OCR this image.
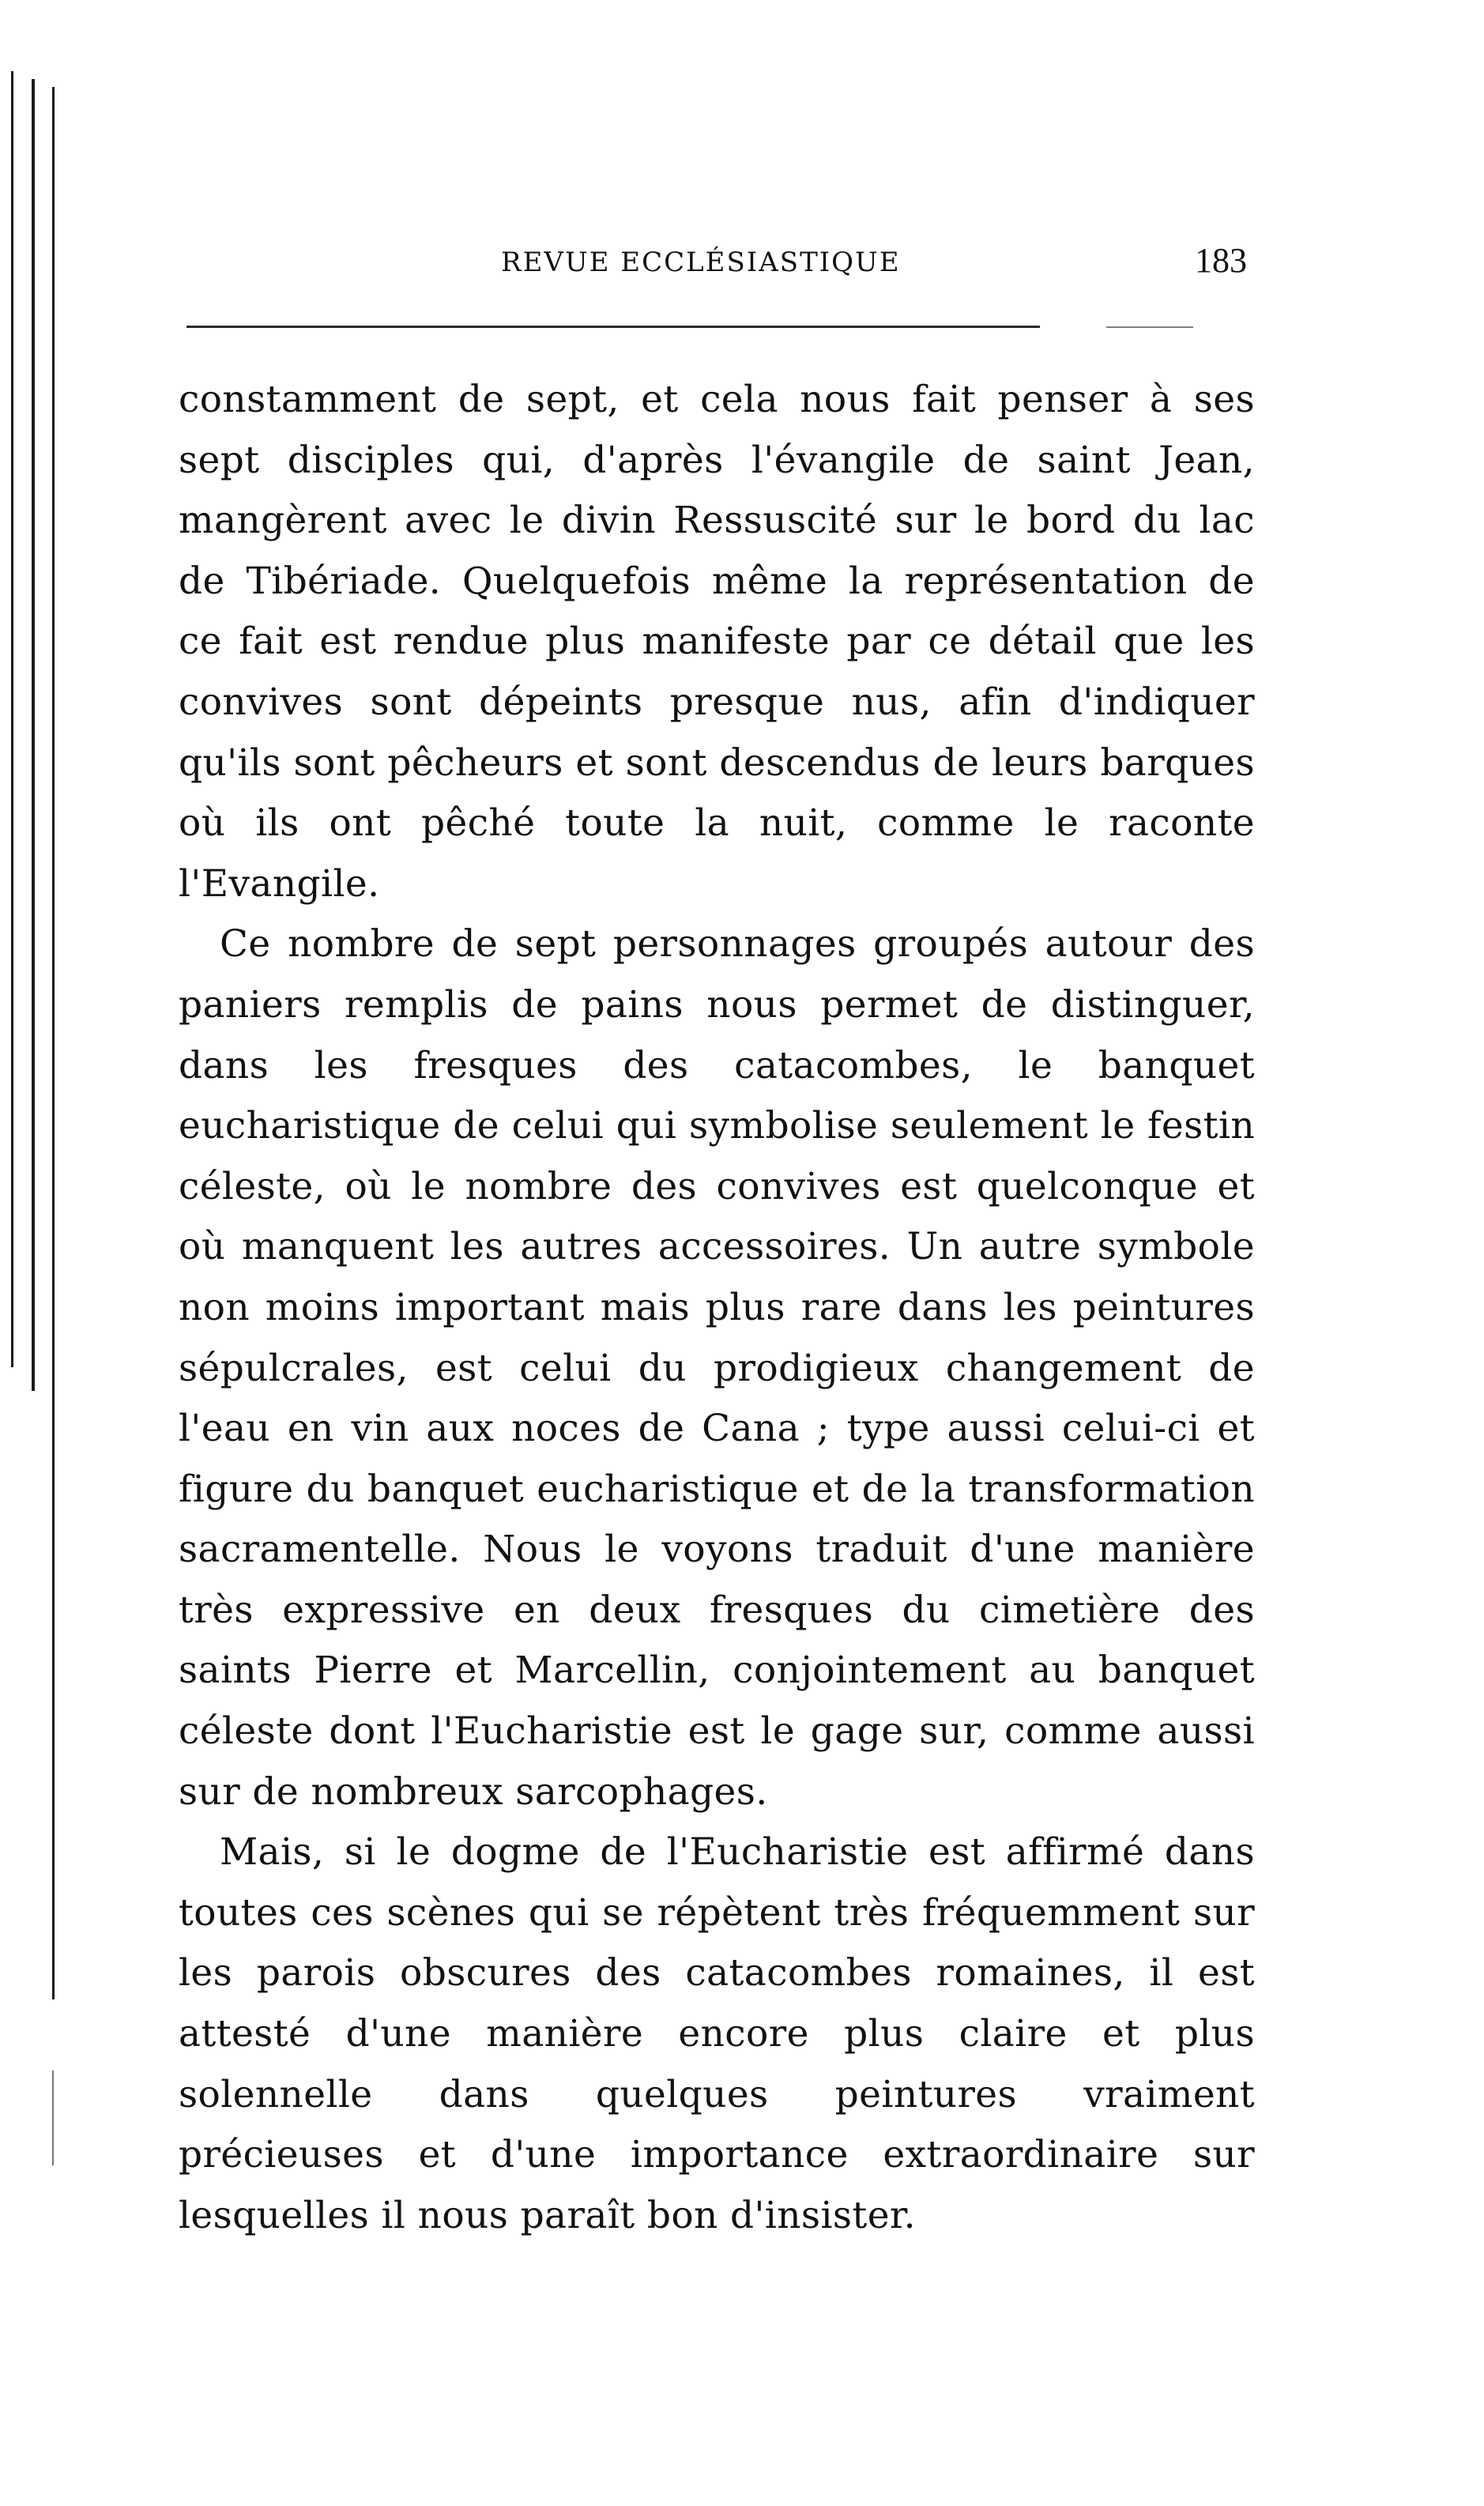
REVUE ECCLÉSIASTIQUE	183

constamment de sept, et cela nous fait penser à ses sept disciples qui, d'après l'évangile de saint Jean, mangèrent avec le divin Ressuscité sur le bord du lac de Tibériade. Quelquefois même la représentation de ce fait est rendue plus manifeste par ce détail que les convives sont dépeints presque nus, afin d'indiquer qu'ils sont pêcheurs et sont descendus de leurs barques où ils ont pêché toute la nuit, comme le raconte l'Evangile.

Ce nombre de sept personnages groupés autour des paniers remplis de pains nous permet de distinguer, dans les fresques des catacombes, le banquet eucharistique de celui qui symbolise seulement le festin céleste, où le nombre des convives est quelconque et où manquent les autres accessoires. Un autre symbole non moins important mais plus rare dans les peintures sépulcrales, est celui du prodigieux changement de l'eau en vin aux noces de Cana ; type aussi celui-ci et figure du banquet eucharistique et de la transformation sacramentelle. Nous le voyons traduit d'une manière très expressive en deux fresques du cimetière des saints Pierre et Marcellin, conjointement au banquet céleste dont l'Eucharistie est le gage sur, comme aussi sur de nombreux sarcophages.

Mais, si le dogme de l'Eucharistie est affirmé dans toutes ces scènes qui se répètent très fréquemment sur les parois obscures des catacombes romaines, il est attesté d'une manière encore plus claire et plus solennelle dans quelques peintures vraiment précieuses et d'une importance extraordinaire sur lesquelles il nous paraît bon d'insister.
